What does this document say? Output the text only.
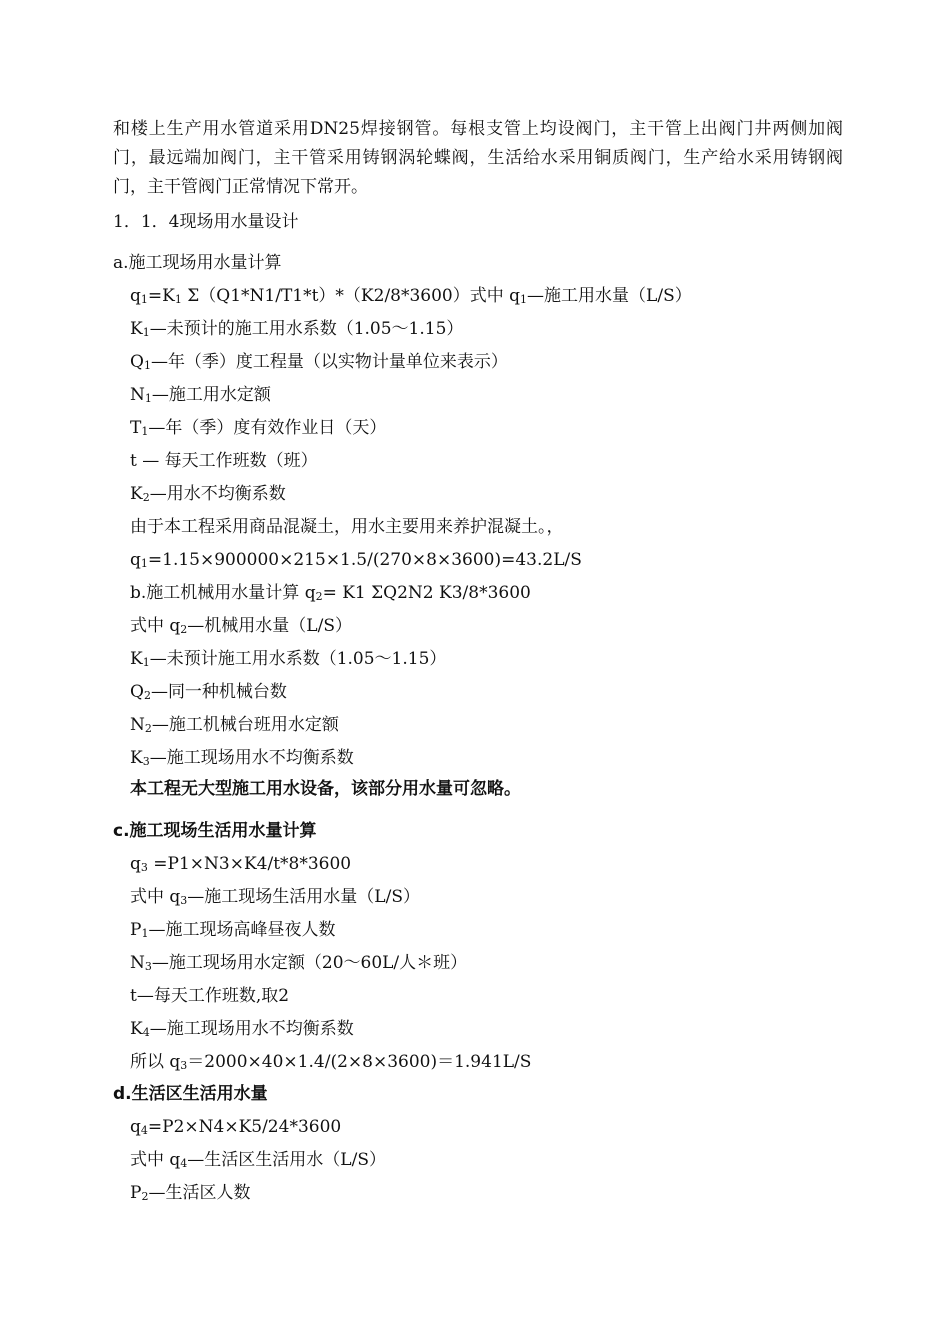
和楼上生产用水管道采用DN25焊接钢管。每根支管上均设阀门，主干管上出阀门井两侧加阀门，最远端加阀门，主干管采用铸钢涡轮蝶阀，生活给水采用铜质阀门，生产给水采用铸钢阀门，主干管阀门正常情况下常开。

1．1．4现场用水量设计
a.施工现场用水量计算
$q_1=K_1$ Σ（Q1*N1/T1*t）*（K2/8*3600）式中 $q_1—$施工用水量（L/S）
$K_1—$未预计的施工用水系数（1.05～1.15）
$Q_1—$年（季）度工程量（以实物计量单位来表示）
$N_1—$施工用水定额
$T_1—$年（季）度有效作业日（天）
t — 每天工作班数（班）
$K_2—$用水不均衡系数
由于本工程采用商品混凝土，用水主要用来养护混凝土。，
$q_1=1.15\times 900000\times 215\times 1.5/(270\times 8\times 3600)=43.2L/S$
b.施工机械用水量计算 $q_2= K1$ ΣQ2N2 K3/8*3600
式中 $q_2—$机械用水量（L/S）
$K_1—$未预计施工用水系数（1.05～1.15）
$Q_2—$同一种机械台数
$N_2—$施工机械台班用水定额
$K_3—$施工现场用水不均衡系数
本工程无大型施工用水设备，该部分用水量可忽略。
c.施工现场生活用水量计算
$q_3 =P1\times N3\times K4/t*8*3600$
式中 $q_3—$施工现场生活用水量（L/S）
$P_1—$施工现场高峰昼夜人数
$N_3—$施工现场用水定额（20～60L/人＊班）
t—每天工作班数,取2
$K_4—$施工现场用水不均衡系数
所以 $q_3=2000\times 40\times 1.4/(2\times 8\times 3600)=1.941L/S$
d.生活区生活用水量
$q_4=P2\times N4\times K5/24*3600$
式中 $q_4—$生活区生活用水（L/S）
$P_2—$生活区人数
